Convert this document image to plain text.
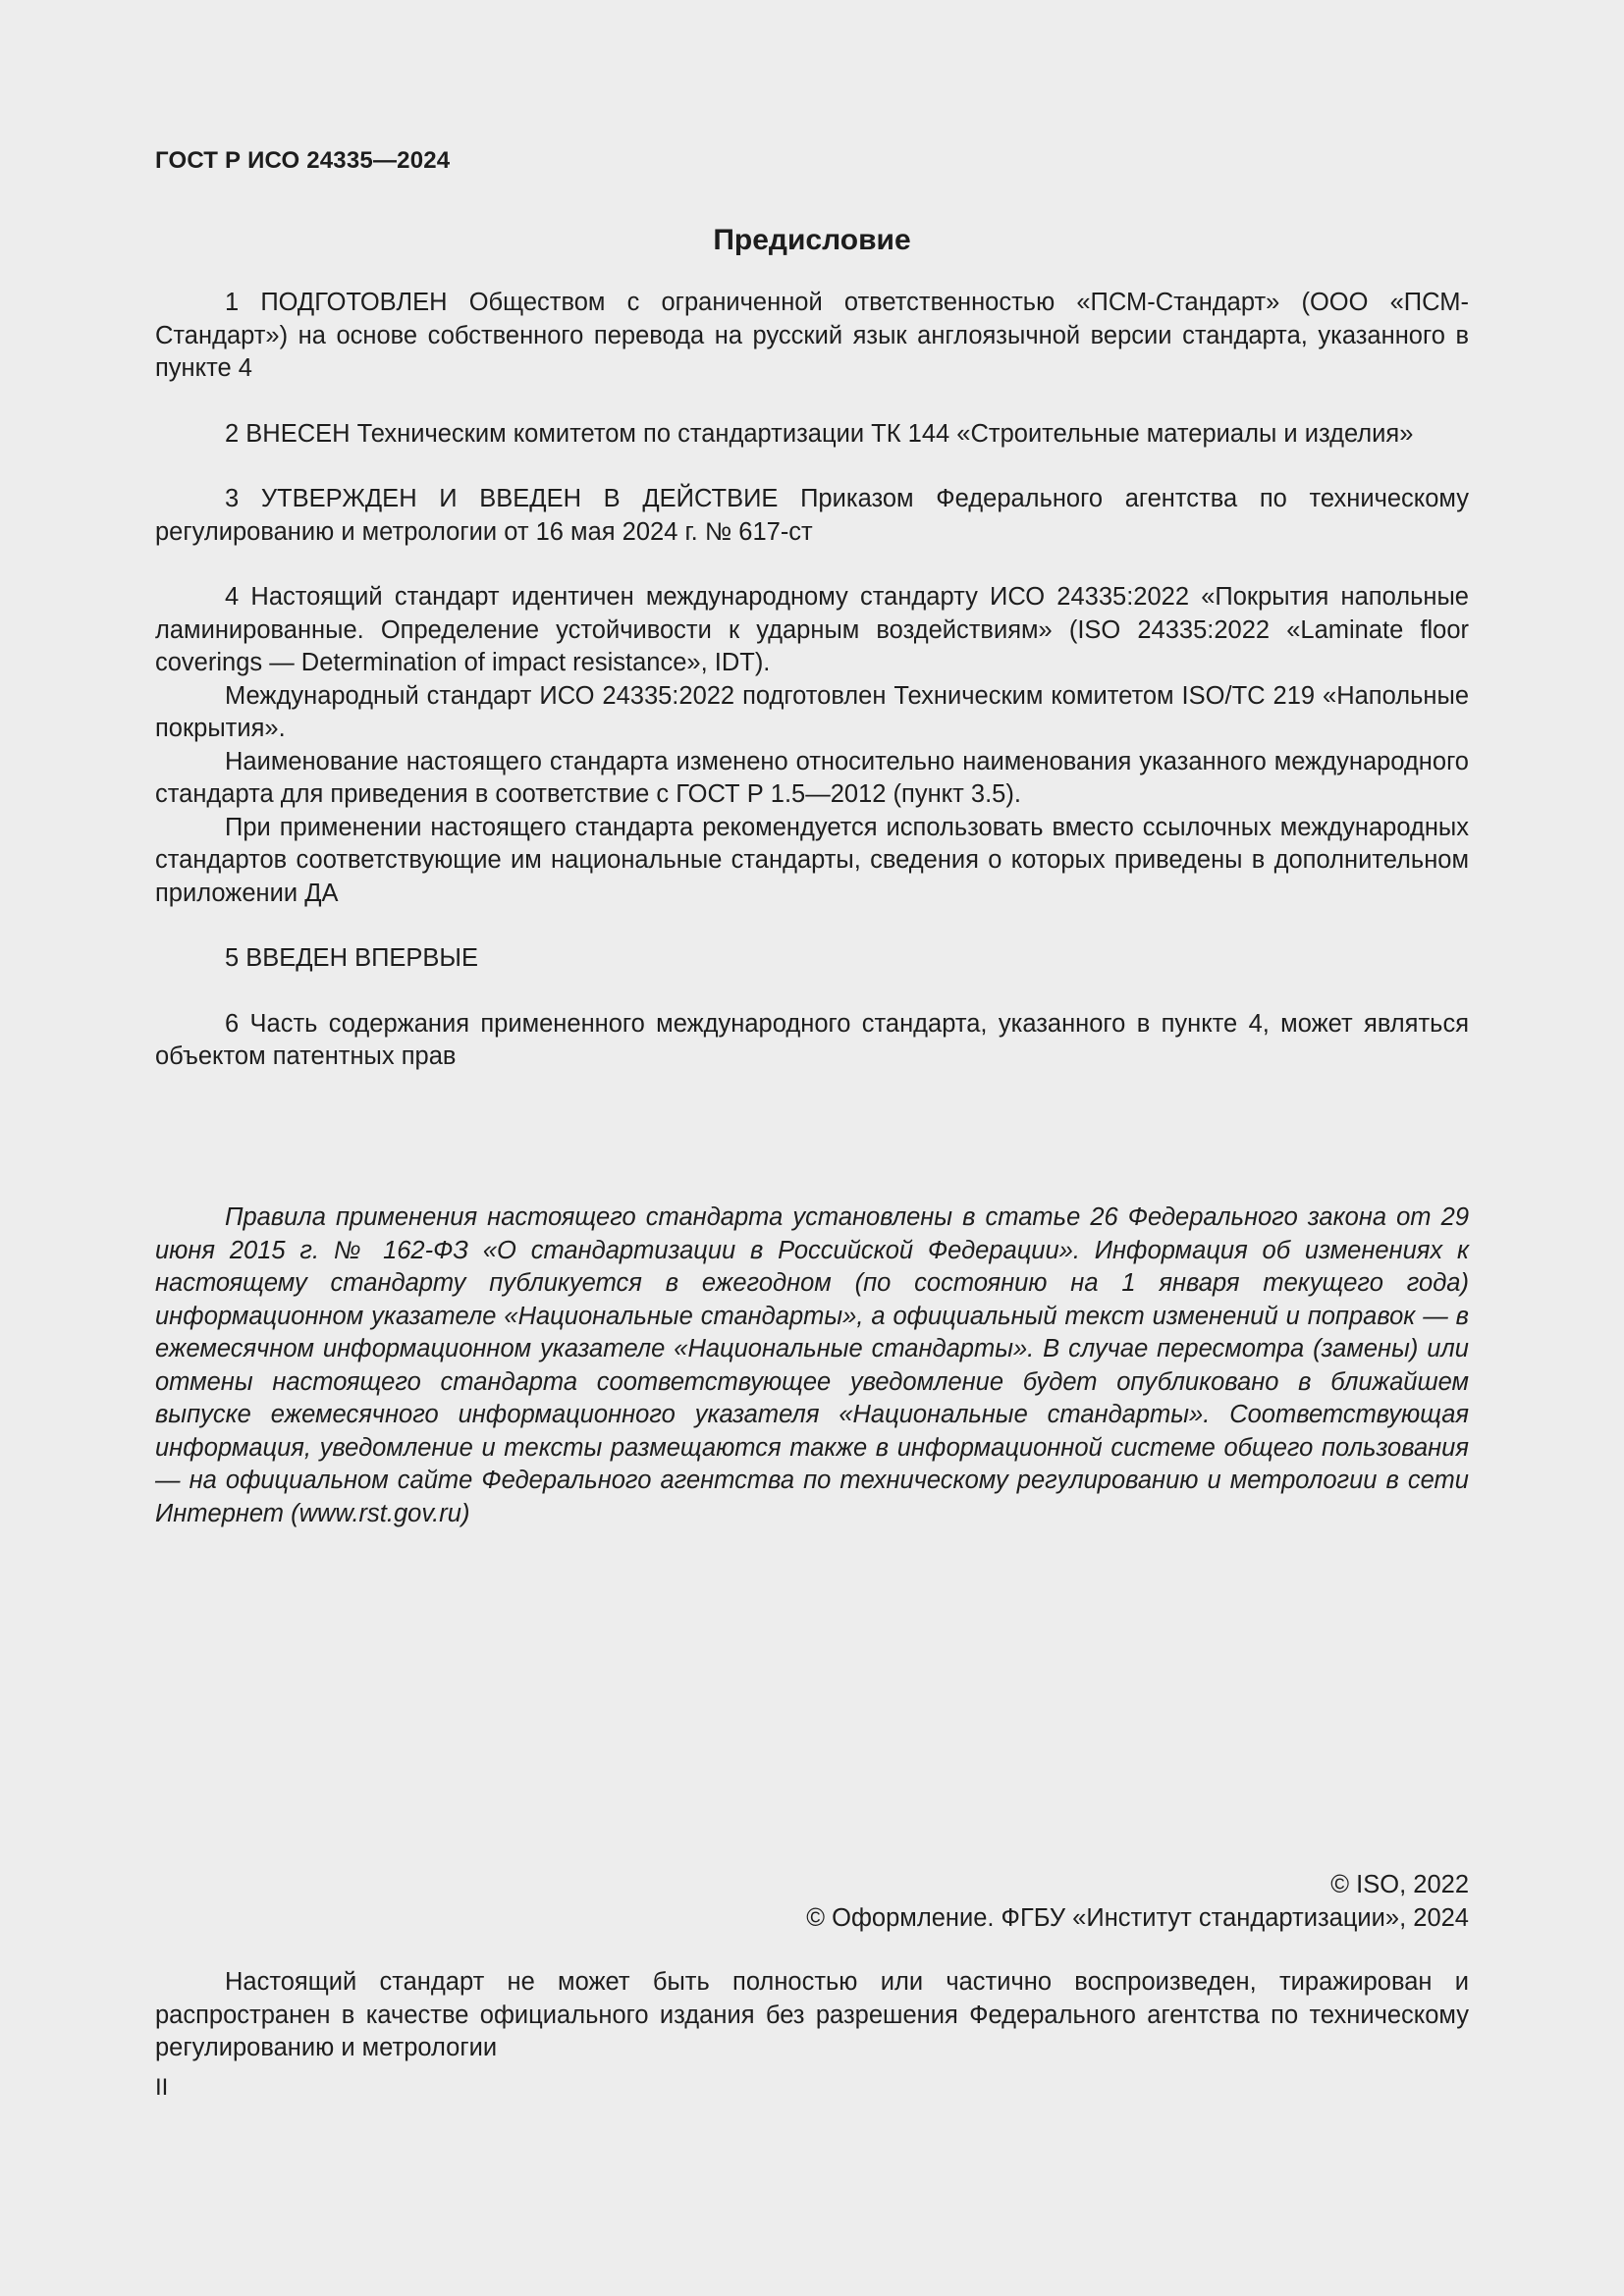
ГОСТ Р ИСО 24335—2024
Предисловие

1 ПОДГОТОВЛЕН Обществом с ограниченной ответственностью «ПСМ-Стандарт» (ООО «ПСМ-Стандарт») на основе собственного перевода на русский язык англоязычной версии стандарта, указанного в пункте 4

2 ВНЕСЕН Техническим комитетом по стандартизации ТК 144 «Строительные материалы и изделия»

3 УТВЕРЖДЕН И ВВЕДЕН В ДЕЙСТВИЕ Приказом Федерального агентства по техническому регулированию и метрологии от 16 мая 2024 г. № 617-ст

4 Настоящий стандарт идентичен международному стандарту ИСО 24335:2022 «Покрытия напольные ламинированные. Определение устойчивости к ударным воздействиям» (ISO 24335:2022 «Laminate floor coverings — Determination of impact resistance», IDT).

Международный стандарт ИСО 24335:2022 подготовлен Техническим комитетом ISO/TC 219 «Напольные покрытия».

Наименование настоящего стандарта изменено относительно наименования указанного международного стандарта для приведения в соответствие с ГОСТ Р 1.5—2012 (пункт 3.5).

При применении настоящего стандарта рекомендуется использовать вместо ссылочных международных стандартов соответствующие им национальные стандарты, сведения о которых приведены в дополнительном приложении ДА

5 ВВЕДЕН ВПЕРВЫЕ

6 Часть содержания примененного международного стандарта, указанного в пункте 4, может являться объектом патентных прав

Правила применения настоящего стандарта установлены в статье 26 Федерального закона от 29 июня 2015 г. № 162-ФЗ «О стандартизации в Российской Федерации». Информация об изменениях к настоящему стандарту публикуется в ежегодном (по состоянию на 1 января текущего года) информационном указателе «Национальные стандарты», а официальный текст изменений и поправок — в ежемесячном информационном указателе «Национальные стандарты». В случае пересмотра (замены) или отмены настоящего стандарта соответствующее уведомление будет опубликовано в ближайшем выпуске ежемесячного информационного указателя «Национальные стандарты». Соответствующая информация, уведомление и тексты размещаются также в информационной системе общего пользования — на официальном сайте Федерального агентства по техническому регулированию и метрологии в сети Интернет (www.rst.gov.ru)

© ISO, 2022
© Оформление. ФГБУ «Институт стандартизации», 2024

Настоящий стандарт не может быть полностью или частично воспроизведен, тиражирован и распространен в качестве официального издания без разрешения Федерального агентства по техническому регулированию и метрологии

II
